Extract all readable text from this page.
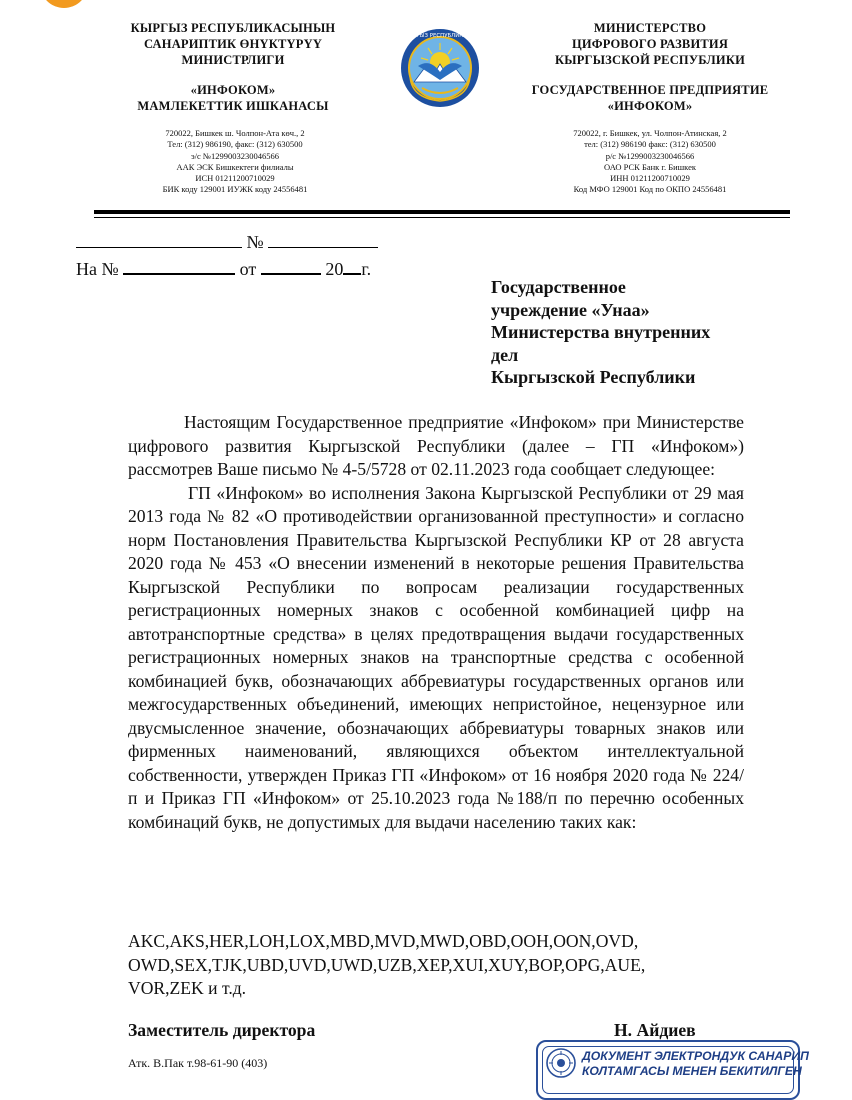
КЫРГЫЗ РЕСПУБЛИКАСЫНЫН
САНАРИПТИК ӨНҮКТҮРҮҮ
МИНИСТРЛИГИ
«ИНФОКОМ»
МАМЛЕКЕТТИК ИШКАНАСЫ
720022, Бишкек ш. Чолпон-Ата көч., 2
Тел: (312) 986190, факс: (312) 630500
э/с №1299003230046566
ААК ЭСК Бишкектеги филиалы
ИСН 01211200710029
БИК коду 129001 ИУЖК коду 24556481
КЫРГЫЗ РЕСПУБЛИКАСЫ
МИНИСТЕРСТВО
ЦИФРОВОГО РАЗВИТИЯ
КЫРГЫЗСКОЙ РЕСПУБЛИКИ
ГОСУДАРСТВЕННОЕ ПРЕДПРИЯТИЕ
«ИНФОКОМ»
720022, г. Бишкек, ул. Чолпон-Атинская, 2
тел: (312) 986190 факс: (312) 630500
р/с №1299003230046566
ОАО РСК Банк г. Бишкек
ИНН 01211200710029
Код МФО 129001 Код по ОКПО 24556481
№
На №	от	20 г.
Государственное
учреждение «Унаа»
Министерства внутренних
дел
Кыргызской Республики

Настоящим Государственное предприятие «Инфоком» при Министерстве цифрового развития Кыргызской Республики (далее – ГП «Инфоком») рассмотрев Ваше письмо № 4-5/5728 от 02.11.2023 года сообщает следующее:

ГП «Инфоком» во исполнения Закона Кыргызской Республики от 29 мая 2013 года № 82 «О противодействии организованной преступности» и согласно норм Постановления Правительства Кыргызской Республики КР от 28 августа 2020 года № 453 «О внесении изменений в некоторые решения Правительства Кыргызской Республики по вопросам реализации государственных регистрационных номерных знаков с особенной комбинацией цифр на автотранспортные средства» в целях предотвращения выдачи государственных регистрационных номерных знаков на транспортные средства с особенной комбинацией букв, обозначающих аббревиатуры государственных органов или межгосударственных объединений, имеющих непристойное, нецензурное или двусмысленное значение, обозначающих аббревиатуры товарных знаков или фирменных наименований, являющихся объектом интеллектуальной собственности, утвержден Приказ ГП «Инфоком» от 16 ноября 2020 года № 224/п и Приказ ГП «Инфоком» от 25.10.2023 года №188/п по перечню особенных комбинаций букв, не допустимых для выдачи населению таких как:

AKC,AKS,HER,LOH,LOX,MBD,MVD,MWD,OBD,OOH,OON,OVD,
OWD,SEX,TJK,UBD,UVD,UWD,UZB,XEP,XUI,XUY,BOP,OPG,AUE,
VOR,ZEK и т.д.
Заместитель директора	Н. Айдиев
Атк. В.Пак т.98-61-90 (403)	ДОКУМЕНТ ЭЛЕКТРОНДУК САНАРИП
КОЛТАМГАСЫ МЕНЕН БЕКИТИЛГЕН
